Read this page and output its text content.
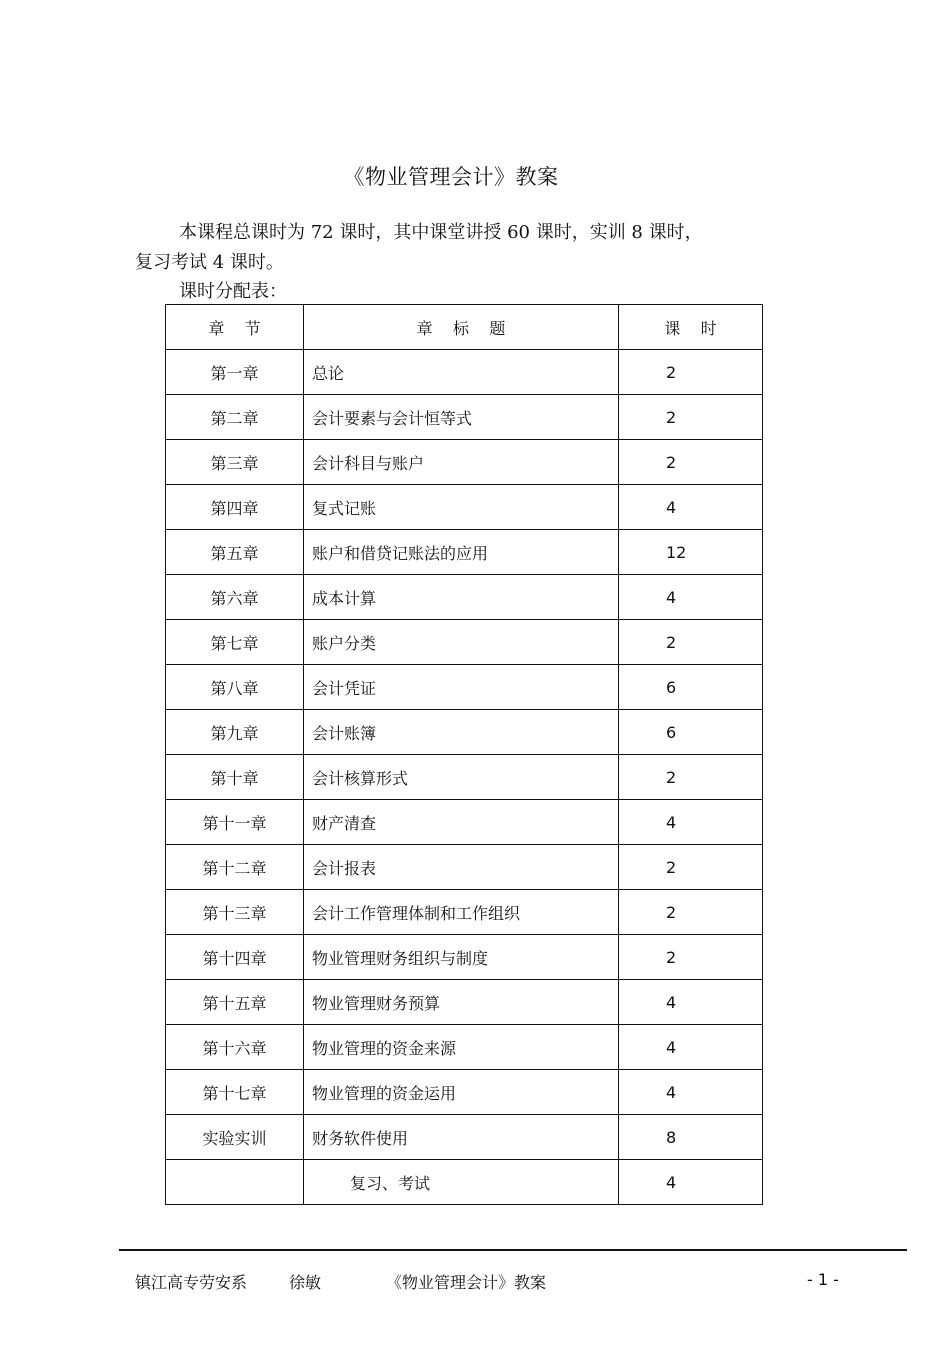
《物业管理会计》教案
本课程总课时为 72 课时，其中课堂讲授 60 课时，实训 8 课时，
复习考试 4 课时。
课时分配表：
章    节	章    标    题	课    时
第一章	总论	2
第二章	会计要素与会计恒等式	2
第三章	会计科目与账户	2
第四章	复式记账	4
第五章	账户和借贷记账法的应用	12
第六章	成本计算	4
第七章	账户分类	2
第八章	会计凭证	6
第九章	会计账簿	6
第十章	会计核算形式	2
第十一章	财产清查	4
第十二章	会计报表	2
第十三章	会计工作管理体制和工作组织	2
第十四章	物业管理财务组织与制度	2
第十五章	物业管理财务预算	4
第十六章	物业管理的资金来源	4
第十七章	物业管理的资金运用	4
实验实训	财务软件使用	8
	复习、考试	4
镇江高专劳安系	徐敏	《物业管理会计》教案	- 1 -
